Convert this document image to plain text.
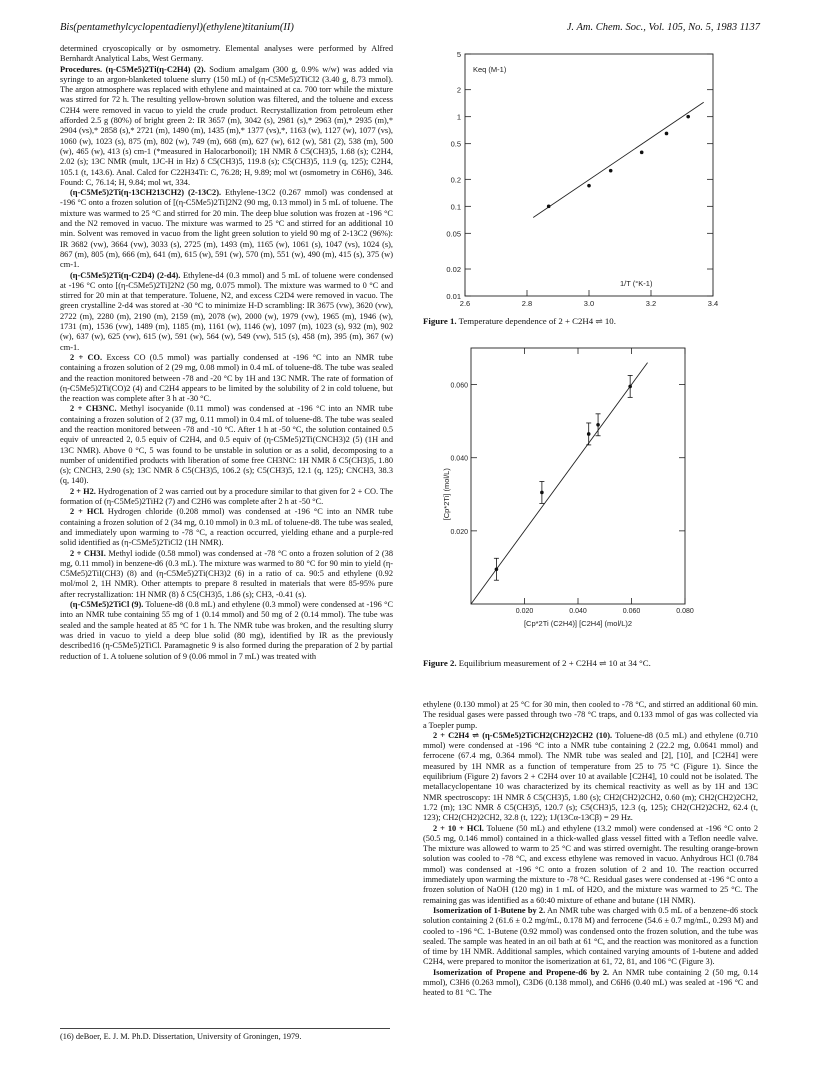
Bis(pentamethylcyclopentadienyl)(ethylene)titanium(II)	J. Am. Chem. Soc., Vol. 105, No. 5, 1983 1137

determined cryoscopically or by osmometry. Elemental analyses were performed by Alfred Bernhardt Analytical Labs, West Germany.

Procedures. (η-C5Me5)2Ti(η-C2H4) (2). Sodium amalgam (300 g, 0.9% w/w) was added via syringe to an argon-blanketed toluene slurry (150 mL) of (η-C5Me5)2TiCl2 (3.40 g, 8.73 mmol). The argon atmosphere was replaced with ethylene and maintained at ca. 700 torr while the mixture was stirred for 72 h. The resulting yellow-brown solution was filtered, and the toluene and excess C2H4 were removed in vacuo to yield the crude product. Recrystallization from petroleum ether afforded 2.5 g (80%) of bright green 2: IR 3657 (m), 3042 (s), 2981 (s),* 2963 (m),* 2935 (m),* 2904 (vs),* 2858 (s),* 2721 (m), 1490 (m), 1435 (m),* 1377 (vs),*, 1163 (w), 1127 (w), 1077 (vs), 1060 (w), 1023 (s), 875 (m), 802 (w), 749 (m), 668 (m), 627 (w), 612 (w), 581 (2), 538 (m), 500 (w), 465 (w), 413 (s) cm-1 (*measured in Halocarbonoil); 1H NMR δ C5(CH3)5, 1.68 (s); C2H4, 2.02 (s); 13C NMR (mult, 1JC-H in Hz) δ C5(CH3)5, 119.8 (s); C5(CH3)5, 11.9 (q, 125); C2H4, 105.1 (t, 143.6). Anal. Calcd for C22H34Ti: C, 76.28; H, 9.89; mol wt (osmometry in C6H6), 346. Found: C, 76.14; H, 9.84; mol wt, 334.

(η-C5Me5)2Ti(η-13CH213CH2) (2-13C2). Ethylene-13C2 (0.267 mmol) was condensed at -196 °C onto a frozen solution of [(η-C5Me5)2Ti]2N2 (90 mg, 0.13 mmol) in 5 mL of toluene. The mixture was warmed to 25 °C and stirred for 20 min. The deep blue solution was frozen at -196 °C and the N2 removed in vacuo. The mixture was warmed to 25 °C and stirred for an additional 10 min. Solvent was removed in vacuo from the light green solution to yield 90 mg of 2-13C2 (96%): IR 3682 (vw), 3664 (vw), 3033 (s), 2725 (m), 1493 (m), 1165 (w), 1061 (s), 1047 (vs), 1024 (s), 867 (m), 805 (m), 666 (m), 641 (m), 615 (w), 591 (w), 570 (m), 551 (w), 490 (m), 415 (s), 375 (w) cm-1.

(η-C5Me5)2Ti(η-C2D4) (2-d4). Ethylene-d4 (0.3 mmol) and 5 mL of toluene were condensed at -196 °C onto [(η-C5Me5)2Ti]2N2 (50 mg, 0.075 mmol). The mixture was warmed to 0 °C and stirred for 20 min at that temperature. Toluene, N2, and excess C2D4 were removed in vacuo. The green crystalline 2-d4 was stored at -30 °C to minimize H-D scrambling: IR 3675 (vw), 3620 (vw), 2722 (m), 2280 (m), 2190 (m), 2159 (m), 2078 (w), 2000 (w), 1979 (vw), 1965 (m), 1946 (w), 1731 (m), 1536 (vw), 1489 (m), 1185 (m), 1161 (w), 1146 (w), 1097 (m), 1023 (s), 932 (m), 902 (w), 637 (w), 625 (vw), 615 (w), 591 (w), 564 (w), 549 (vw), 515 (s), 458 (m), 395 (m), 367 (w) cm-1.

2 + CO. Excess CO (0.5 mmol) was partially condensed at -196 °C into an NMR tube containing a frozen solution of 2 (29 mg, 0.08 mmol) in 0.4 mL of toluene-d8. The tube was sealed and the reaction monitored between -78 and -20 °C by 1H and 13C NMR. The rate of formation of (η-C5Me5)2Ti(CO)2 (4) and C2H4 appears to be limited by the solubility of 2 in cold toluene, but the reaction was complete after 3 h at -30 °C.

2 + CH3NC. Methyl isocyanide (0.11 mmol) was condensed at -196 °C into an NMR tube containing a frozen solution of 2 (37 mg, 0.11 mmol) in 0.4 mL of toluene-d8. The tube was sealed and the reaction monitored between -78 and -10 °C. After 1 h at -50 °C, the solution contained 0.5 equiv of unreacted 2, 0.5 equiv of C2H4, and 0.5 equiv of (η-C5Me5)2Ti(CNCH3)2 (5) (1H and 13C NMR). Above 0 °C, 5 was found to be unstable in solution or as a solid, decomposing to a number of unidentified products with liberation of some free CH3NC: 1H NMR δ C5(CH3)5, 1.80 (s); CNCH3, 2.90 (s); 13C NMR δ C5(CH3)5, 106.2 (s); C5(CH3)5, 12.1 (q, 125); CNCH3, 38.3 (q, 140).

2 + H2. Hydrogenation of 2 was carried out by a procedure similar to that given for 2 + CO. The formation of (η-C5Me5)2TiH2 (7) and C2H6 was complete after 2 h at -50 °C.

2 + HCl. Hydrogen chloride (0.208 mmol) was condensed at -196 °C into an NMR tube containing a frozen solution of 2 (34 mg, 0.10 mmol) in 0.3 mL of toluene-d8. The tube was sealed, and immediately upon warming to -78 °C, a reaction occurred, yielding ethane and a purple-red solid identified as (η-C5Me5)2TiCl2 (1H NMR).

2 + CH3I. Methyl iodide (0.58 mmol) was condensed at -78 °C onto a frozen solution of 2 (38 mg, 0.11 mmol) in benzene-d6 (0.3 mL). The mixture was warmed to 80 °C for 90 min to yield (η-C5Me5)2TiI(CH3) (8) and (η-C5Me5)2Ti(CH3)2 (6) in a ratio of ca. 90:5 and ethylene (0.92 mol/mol 2, 1H NMR). Other attempts to prepare 8 resulted in materials that were 85-95% pure after recrystallization: 1H NMR (8) δ C5(CH3)5, 1.86 (s); CH3, -0.41 (s).

(η-C5Me5)2TiCl (9). Toluene-d8 (0.8 mL) and ethylene (0.3 mmol) were condensed at -196 °C into an NMR tube containing 55 mg of 1 (0.14 mmol) and 50 mg of 2 (0.14 mmol). The tube was sealed and the sample heated at 85 °C for 1 h. The NMR tube was broken, and the resulting slurry was dried in vacuo to yield a deep blue solid (80 mg), identified by IR as the previously described16 (η-C5Me5)2TiCl. Paramagnetic 9 is also formed during the preparation of 2 by partial reduction of 1. A toluene solution of 9 (0.06 mmol in 7 mL) was treated with

(16) deBoer, E. J. M. Ph.D. Dissertation, University of Groningen, 1979.
0.01
0.02
0.05
0.1
0.2
0.5
1
2
5
2.6	2.8	3.0	3.2	3.4
Keq (M-1)
1/T (°K-1)
Figure 1. Temperature dependence of 2 + C2H4 ⇌ 10.
0.020
0.040
0.060
0.020	0.040	0.060	0.080
[Cp*2Ti] (mol/L)
[Cp*2Ti (C2H4)] [C2H4] (mol/L)2
Figure 2. Equilibrium measurement of 2 + C2H4 ⇌ 10 at 34 °C.

ethylene (0.130 mmol) at 25 °C for 30 min, then cooled to -78 °C, and stirred an additional 60 min. The residual gases were passed through two -78 °C traps, and 0.133 mmol of gas was collected via a Toepler pump.

2 + C2H4 ⇌ (η-C5Me5)2TiCH2(CH2)2CH2 (10). Toluene-d8 (0.5 mL) and ethylene (0.710 mmol) were condensed at -196 °C into a NMR tube containing 2 (22.2 mg, 0.0641 mmol) and ferrocene (67.4 mg, 0.364 mmol). The NMR tube was sealed and [2], [10], and [C2H4] were measured by 1H NMR as a function of temperature from 25 to 75 °C (Figure 1). Since the equilibrium (Figure 2) favors 2 + C2H4 over 10 at available [C2H4], 10 could not be isolated. The metallacyclopentane 10 was characterized by its chemical reactivity as well as by 1H and 13C NMR spectroscopy: 1H NMR δ C5(CH3)5, 1.80 (s); CH2(CH2)2CH2, 0.60 (m); CH2(CH2)2CH2, 1.72 (m); 13C NMR δ C5(CH3)5, 120.7 (s); C5(CH3)5, 12.3 (q, 125); CH2(CH2)2CH2, 62.4 (t, 123); CH2(CH2)2CH2, 32.8 (t, 122); 1J(13Cα-13Cβ) = 29 Hz.

2 + 10 + HCl. Toluene (50 mL) and ethylene (13.2 mmol) were condensed at -196 °C onto 2 (50.5 mg, 0.146 mmol) contained in a thick-walled glass vessel fitted with a Teflon needle valve. The mixture was allowed to warm to 25 °C and was stirred overnight. The resulting orange-brown solution was cooled to -78 °C, and excess ethylene was removed in vacuo. Anhydrous HCl (0.784 mmol) was condensed at -196 °C onto a frozen solution of 2 and 10. The reaction occurred immediately upon warming the mixture to -78 °C. Residual gases were condensed at -196 °C onto a frozen solution of NaOH (120 mg) in 1 mL of H2O, and the mixture was warmed to 25 °C. The remaining gas was identified as a 60:40 mixture of ethane and butane (1H NMR).

Isomerization of 1-Butene by 2. An NMR tube was charged with 0.5 mL of a benzene-d6 stock solution containing 2 (61.6 ± 0.2 mg/mL, 0.178 M) and ferrocene (54.6 ± 0.7 mg/mL, 0.293 M) and cooled to -196 °C. 1-Butene (0.92 mmol) was condensed onto the frozen solution, and the tube was sealed. The sample was heated in an oil bath at 61 °C, and the reaction was monitored as a function of time by 1H NMR. Additional samples, which contained varying amounts of 1-butene and added C2H4, were prepared to monitor the isomerization at 61, 72, 81, and 106 °C (Figure 3).

Isomerization of Propene and Propene-d6 by 2. An NMR tube containing 2 (50 mg, 0.14 mmol), C3H6 (0.263 mmol), C3D6 (0.138 mmol), and C6H6 (0.40 mL) was sealed at -196 °C and heated to 81 °C. The
